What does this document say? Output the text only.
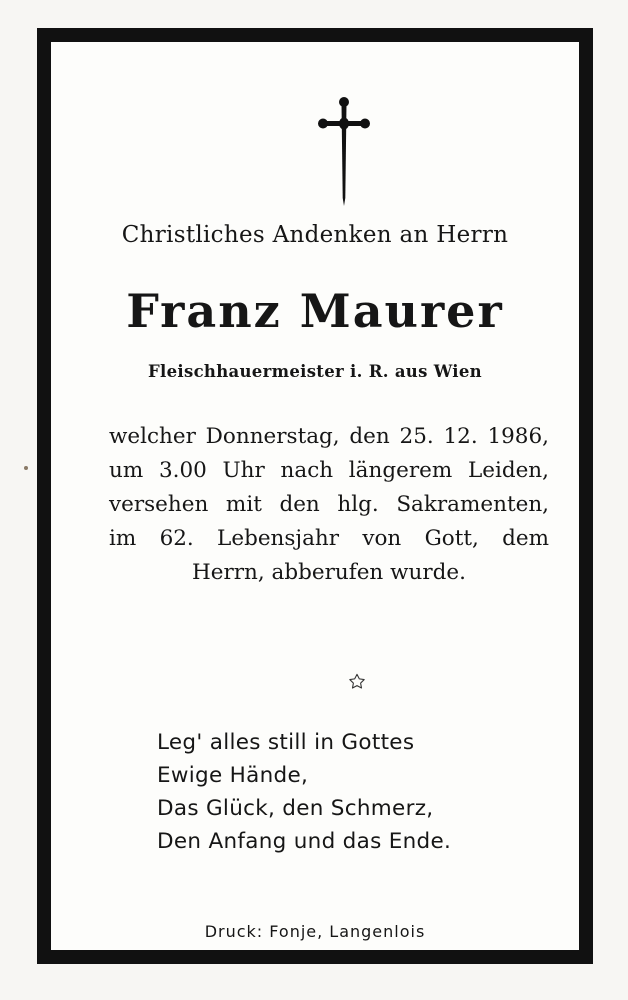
Christliches Andenken an Herrn
Franz Maurer
Fleischhauermeister i. R. aus Wien
welcher Donnerstag, den 25. 12. 1986,
um 3.00 Uhr nach längerem Leiden,
versehen mit den hlg. Sakramenten,
im 62. Lebensjahr von Gott, dem
Herrn, abberufen wurde.
Leg' alles still in Gottes
Ewige Hände,
Das Glück, den Schmerz,
Den Anfang und das Ende.
Druck: Fonje, Langenlois
